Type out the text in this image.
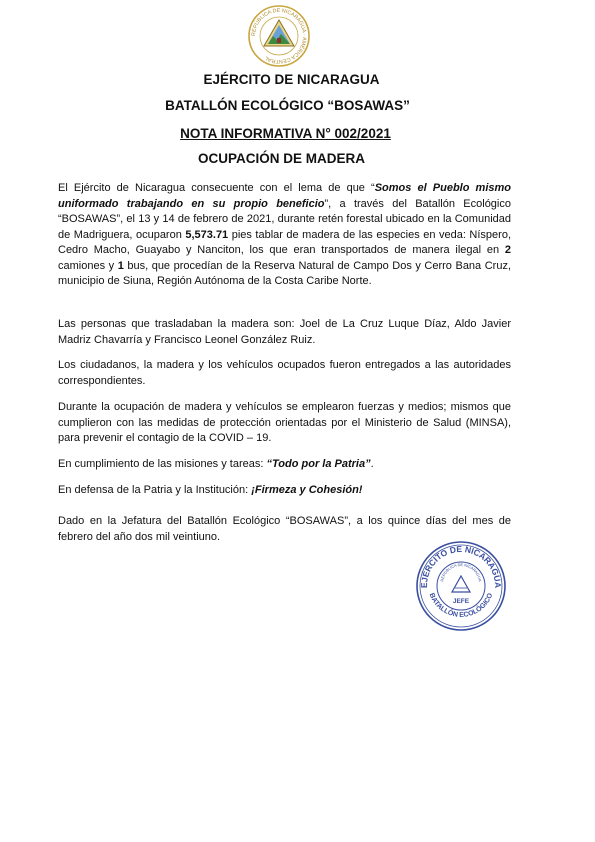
REPÚBLICA DE NICARAGUA · AMÉRICA CENTRAL
EJÉRCITO DE NICARAGUA
BATALLÓN ECOLÓGICO “BOSAWAS”
NOTA INFORMATIVA N° 002/2021
OCUPACIÓN DE MADERA

El Ejército de Nicaragua consecuente con el lema de que “Somos el Pueblo mismo uniformado trabajando en su propio beneficio”, a través del Batallón Ecológico “BOSAWAS”, el 13 y 14 de febrero de 2021, durante retén forestal ubicado en la Comunidad de Madriguera, ocuparon 5,573.71 pies tablar de madera de las especies en veda: Níspero, Cedro Macho, Guayabo y Nanciton, los que eran transportados de manera ilegal en 2 camiones y 1 bus, que procedían de la Reserva Natural de Campo Dos y Cerro Bana Cruz, municipio de Siuna, Región Autónoma de la Costa Caribe Norte.

Las personas que trasladaban la madera son: Joel de La Cruz Luque Díaz, Aldo Javier Madriz Chavarría y Francisco Leonel González Ruiz.

Los ciudadanos, la madera y los vehículos ocupados fueron entregados a las autoridades correspondientes.

Durante la ocupación de madera y vehículos se emplearon fuerzas y medios; mismos que cumplieron con las medidas de protección orientadas por el Ministerio de Salud (MINSA), para prevenir el contagio de la COVID – 19.

En cumplimiento de las misiones y tareas: “Todo por la Patria”.

En defensa de la Patria y la Institución: ¡Firmeza y Cohesión!

Dado en la Jefatura del Batallón Ecológico “BOSAWAS”, a los quince días del mes de febrero del año dos mil veintiuno.

EJÉRCITO DE NICARAGUA
BATALLÓN ECOLÓGICO
REPÚBLICA DE NICARAGUA
JEFE
